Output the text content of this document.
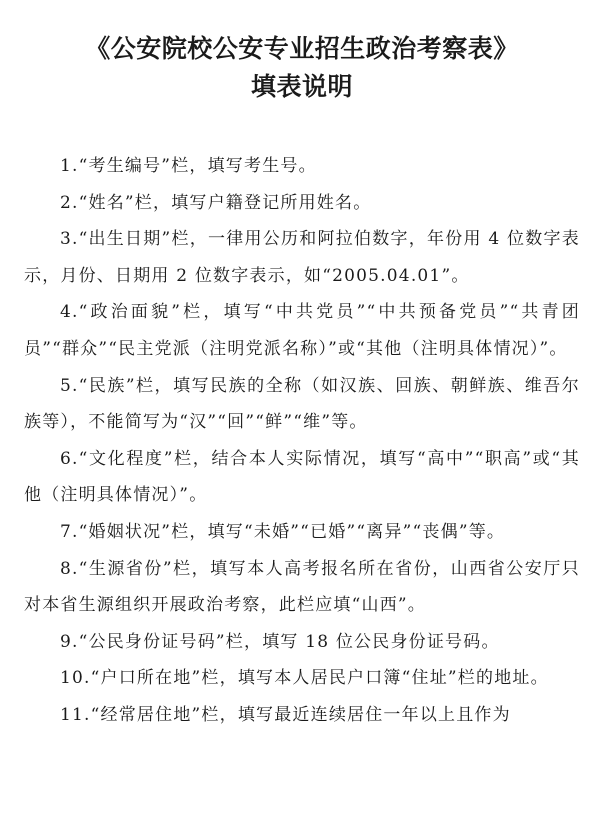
《公安院校公安专业招生政治考察表》
填表说明

1.“考生编号”栏，填写考生号。

2.“姓名”栏，填写户籍登记所用姓名。

3.“出生日期”栏，一律用公历和阿拉伯数字，年份用 4 位数字表示，月份、日期用 2 位数字表示，如“2005.04.01”。

4.“政治面貌”栏，填写“中共党员”“中共预备党员”“共青团员”“群众”“民主党派（注明党派名称）”或“其他（注明具体情况）”。

5.“民族”栏，填写民族的全称（如汉族、回族、朝鲜族、维吾尔族等），不能简写为“汉”“回”“鲜”“维”等。

6.“文化程度”栏，结合本人实际情况，填写“高中”“职高”或“其他（注明具体情况）”。

7.“婚姻状况”栏，填写“未婚”“已婚”“离异”“丧偶”等。

8.“生源省份”栏，填写本人高考报名所在省份，山西省公安厅只对本省生源组织开展政治考察，此栏应填“山西”。

9.“公民身份证号码”栏，填写 18 位公民身份证号码。

10.“户口所在地”栏，填写本人居民户口簿“住址”栏的地址。

11.“经常居住地”栏，填写最近连续居住一年以上且作为
